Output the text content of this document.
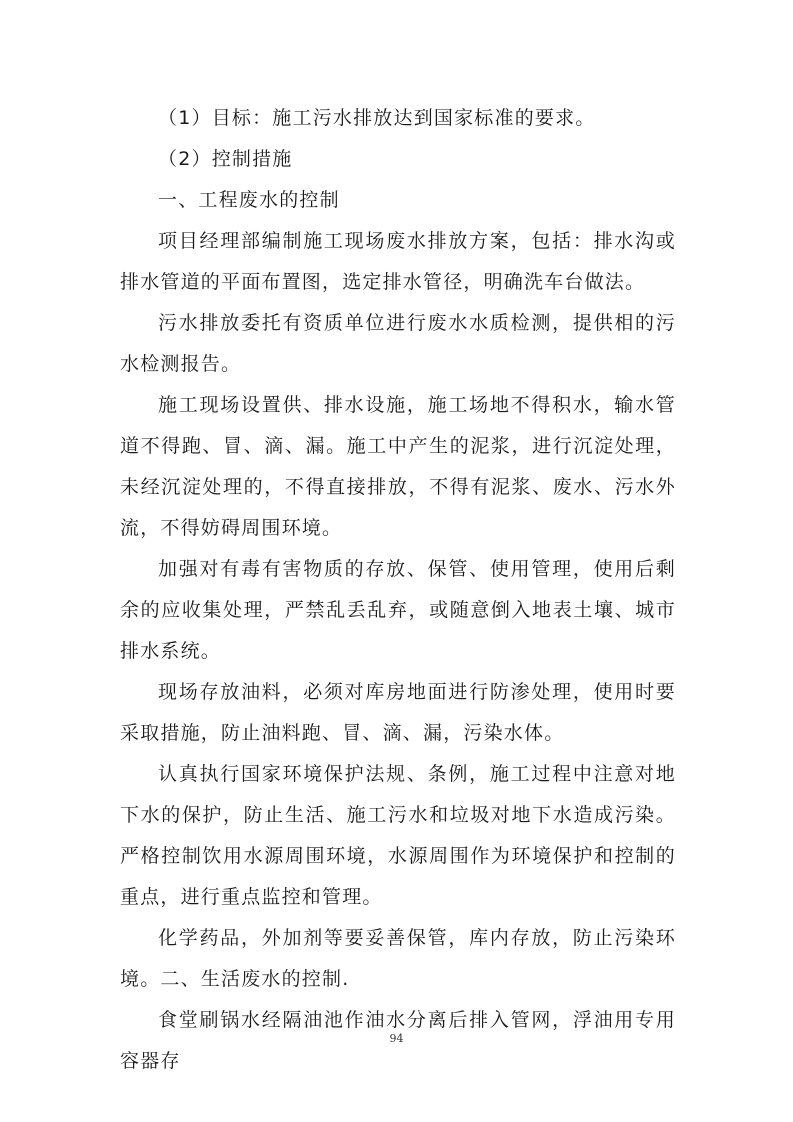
（1）目标：施工污水排放达到国家标准的要求。

（2）控制措施

一、工程废水的控制

项目经理部编制施工现场废水排放方案，包括：排水沟或排水管道的平面布置图，选定排水管径，明确洗车台做法。

污水排放委托有资质单位进行废水水质检测，提供相的污水检测报告。

施工现场设置供、排水设施，施工场地不得积水，输水管道不得跑、冒、滴、漏。施工中产生的泥浆，进行沉淀处理，未经沉淀处理的，不得直接排放，不得有泥浆、废水、污水外流，不得妨碍周围环境。

加强对有毒有害物质的存放、保管、使用管理，使用后剩余的应收集处理，严禁乱丢乱弃，或随意倒入地表土壤、城市排水系统。

现场存放油料，必须对库房地面进行防渗处理，使用时要采取措施，防止油料跑、冒、滴、漏，污染水体。

认真执行国家环境保护法规、条例，施工过程中注意对地下水的保护，防止生活、施工污水和垃圾对地下水造成污染。严格控制饮用水源周围环境，水源周围作为环境保护和控制的重点，进行重点监控和管理。

化学药品，外加剂等要妥善保管，库内存放，防止污染环境。二、生活废水的控制.

食堂刷锅水经隔油池作油水分离后排入管网，浮油用专用容器存

94
